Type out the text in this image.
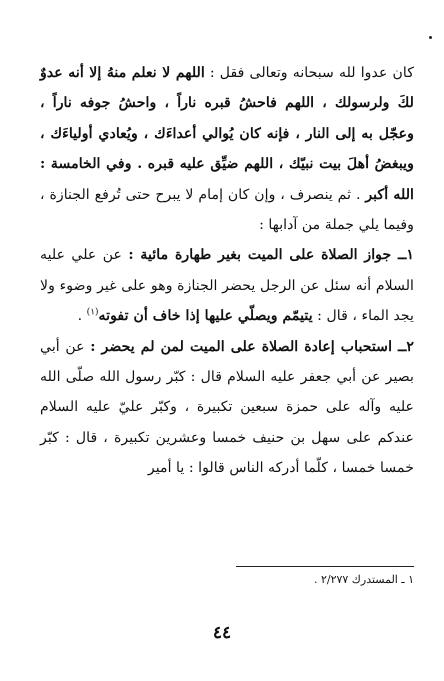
كان عدوا لله سبحانه وتعالى فقل : اللهم لا نعلم منهُ إلا أنه عدوٌ لكَ ولرسولك ، اللهم فاحشُ قبره ناراً ، واحشُ جوفه ناراً ، وعجّل به إلى النار ، فإنه كان يُوالي أعداءَك ، ويُعادي أولياءَك ، ويبغضُ أهلَ بيت نبيّك ، اللهم ضيِّق عليه قبره . وفي الخامسة : الله أكبر . ثم ينصرف ، وإن كان إمام لا يبرح حتى تُرفع الجنازة ، وفيما يلي جملة من آدابها :

١ــ جواز الصلاة على الميت بغير طهارة مائية : عن علي عليه السلام أنه سئل عن الرجل يحضر الجنازة وهو على غير وضوء ولا يجد الماء ، قال : يتيمّم ويصلّي عليها إذا خاف أن تفوته$^{(١)}$ .

٢ــ استحباب إعادة الصلاة على الميت لمن لم يحضر : عن أبي بصير عن أبي جعفر عليه السلام قال : كبّر رسول الله صلّى الله عليه وآله على حمزة سبعين تكبيرة ، وكبّر عليّ عليه السلام عندكم على سهل بن حنيف خمسا وعشرين تكبيرة ، قال : كبّر خمسا خمسا ، كلّما أدركه الناس قالوا : يا أمير

١ ـ المستدرك ٢/٢٧٧ .
٤٤
